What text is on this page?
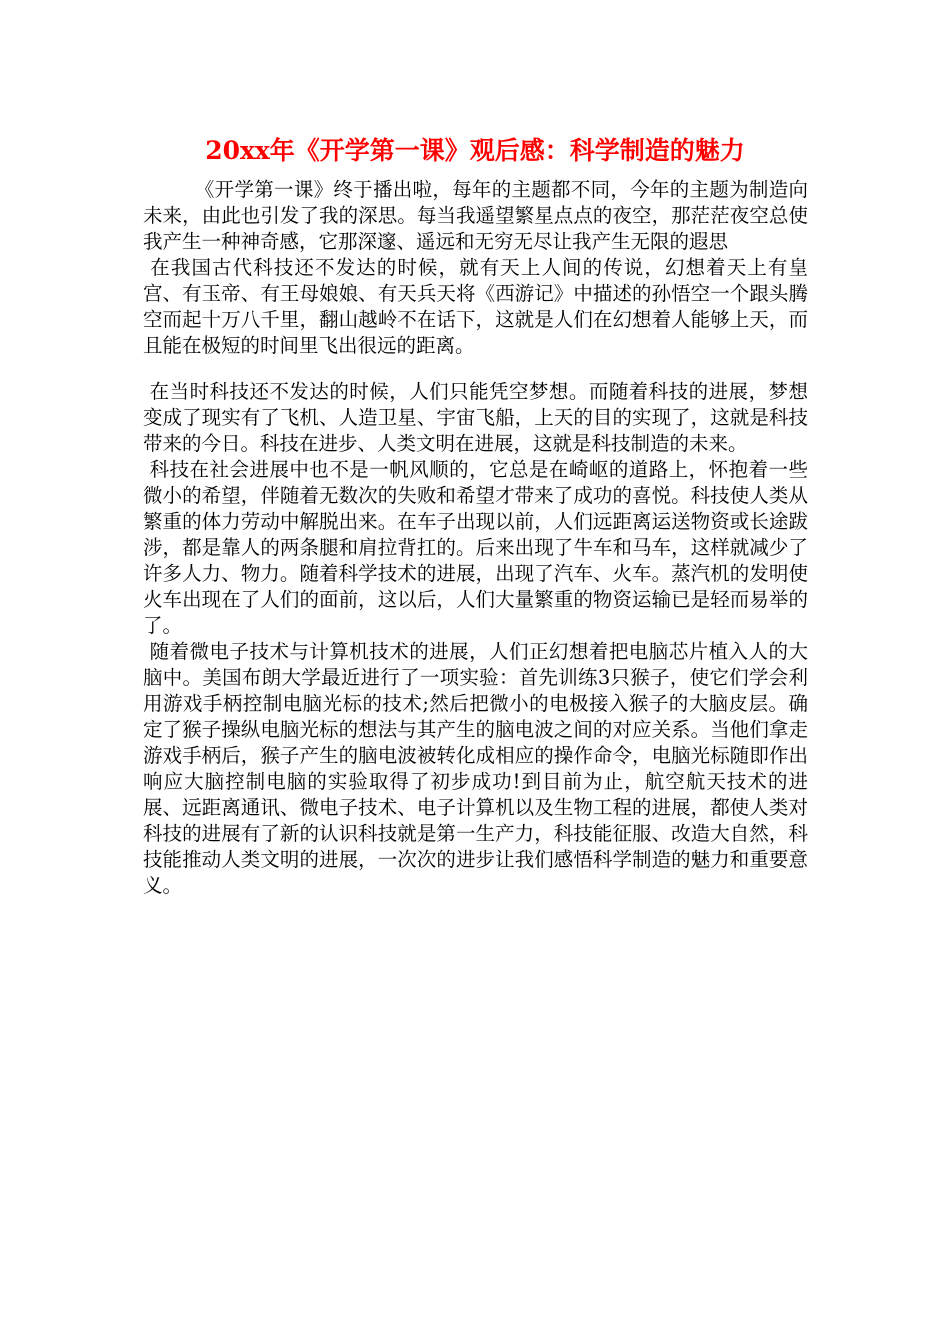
20xx年《开学第一课》观后感：科学制造的魅力

《开学第一课》终于播出啦，每年的主题都不同，今年的主题为制造向未来，由此也引发了我的深思。每当我遥望繁星点点的夜空，那茫茫夜空总使我产生一种神奇感，它那深邃、遥远和无穷无尽让我产生无限的遐思

在我国古代科技还不发达的时候，就有天上人间的传说，幻想着天上有皇宫、有玉帝、有王母娘娘、有天兵天将《西游记》中描述的孙悟空一个跟头腾空而起十万八千里，翻山越岭不在话下，这就是人们在幻想着人能够上天，而且能在极短的时间里飞出很远的距离。

在当时科技还不发达的时候，人们只能凭空梦想。而随着科技的进展，梦想变成了现实有了飞机、人造卫星、宇宙飞船，上天的目的实现了，这就是科技带来的今日。科技在进步、人类文明在进展，这就是科技制造的未来。

科技在社会进展中也不是一帆风顺的，它总是在崎岖的道路上，怀抱着一些微小的希望，伴随着无数次的失败和希望才带来了成功的喜悦。科技使人类从繁重的体力劳动中解脱出来。在车子出现以前，人们远距离运送物资或长途跋涉，都是靠人的两条腿和肩拉背扛的。后来出现了牛车和马车，这样就减少了许多人力、物力。随着科学技术的进展，出现了汽车、火车。蒸汽机的发明使火车出现在了人们的面前，这以后，人们大量繁重的物资运输已是轻而易举的了。

随着微电子技术与计算机技术的进展，人们正幻想着把电脑芯片植入人的大脑中。美国布朗大学最近进行了一项实验：首先训练3只猴子，使它们学会利用游戏手柄控制电脑光标的技术;然后把微小的电极接入猴子的大脑皮层。确定了猴子操纵电脑光标的想法与其产生的脑电波之间的对应关系。当他们拿走游戏手柄后，猴子产生的脑电波被转化成相应的操作命令，电脑光标随即作出响应大脑控制电脑的实验取得了初步成功!到目前为止，航空航天技术的进展、远距离通讯、微电子技术、电子计算机以及生物工程的进展，都使人类对科技的进展有了新的认识科技就是第一生产力，科技能征服、改造大自然，科技能推动人类文明的进展，一次次的进步让我们感悟科学制造的魅力和重要意义。
